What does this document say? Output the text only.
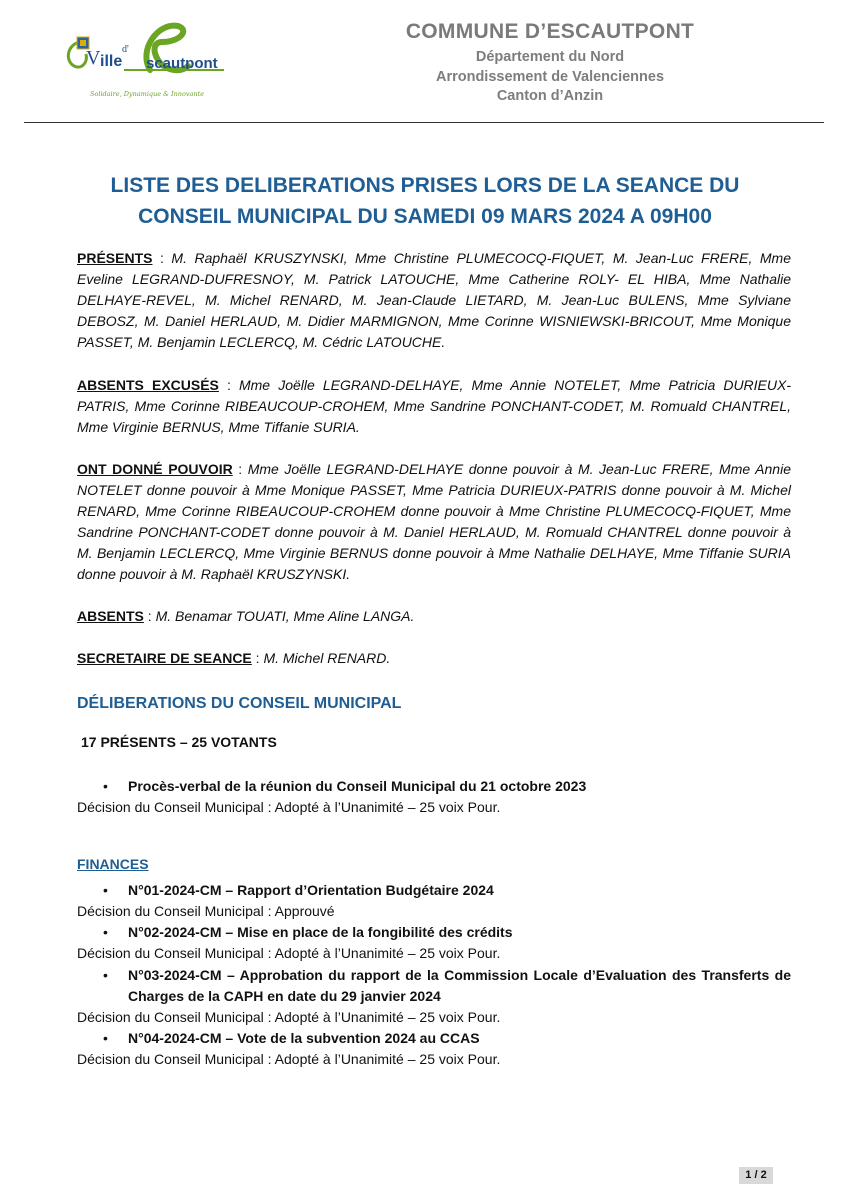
V ille
d'
scautpont
Solidaire, Dynamique & Innovante
COMMUNE D’ESCAUTPONT
Département du Nord
Arrondissement de Valenciennes
Canton d’Anzin
LISTE DES DELIBERATIONS PRISES LORS DE LA SEANCE DU
CONSEIL MUNICIPAL DU SAMEDI 09 MARS 2024 A 09H00
PRÉSENTS : M. Raphaël KRUSZYNSKI, Mme Christine PLUMECOCQ-FIQUET, M. Jean-Luc FRERE, Mme Eveline LEGRAND-DUFRESNOY, M. Patrick LATOUCHE, Mme Catherine ROLY- EL HIBA, Mme Nathalie DELHAYE-REVEL, M. Michel RENARD, M. Jean-Claude LIETARD, M. Jean-Luc BULENS, Mme Sylviane DEBOSZ, M. Daniel HERLAUD, M. Didier MARMIGNON, Mme Corinne WISNIEWSKI-BRICOUT, Mme Monique PASSET, M. Benjamin LECLERCQ, M. Cédric LATOUCHE.
ABSENTS EXCUSÉS : Mme Joëlle LEGRAND-DELHAYE, Mme Annie NOTELET, Mme Patricia DURIEUX-PATRIS, Mme Corinne RIBEAUCOUP-CROHEM, Mme Sandrine PONCHANT-CODET, M. Romuald CHANTREL, Mme Virginie BERNUS, Mme Tiffanie SURIA.
ONT DONNÉ POUVOIR : Mme Joëlle LEGRAND-DELHAYE donne pouvoir à M. Jean-Luc FRERE, Mme Annie NOTELET donne pouvoir à Mme Monique PASSET, Mme Patricia DURIEUX-PATRIS donne pouvoir à M. Michel RENARD, Mme Corinne RIBEAUCOUP-CROHEM donne pouvoir à Mme Christine PLUMECOCQ-FIQUET, Mme Sandrine PONCHANT-CODET donne pouvoir à M. Daniel HERLAUD, M. Romuald CHANTREL donne pouvoir à M. Benjamin LECLERCQ, Mme Virginie BERNUS donne pouvoir à Mme Nathalie DELHAYE, Mme Tiffanie SURIA donne pouvoir à M. Raphaël KRUSZYNSKI.
ABSENTS : M. Benamar TOUATI, Mme Aline LANGA.
SECRETAIRE DE SEANCE : M. Michel RENARD.
DÉLIBERATIONS DU CONSEIL MUNICIPAL
17 PRÉSENTS – 25 VOTANTS
• Procès-verbal de la réunion du Conseil Municipal du 21 octobre 2023
Décision du Conseil Municipal : Adopté à l’Unanimité – 25 voix Pour.
FINANCES
• N°01-2024-CM – Rapport d’Orientation Budgétaire 2024
Décision du Conseil Municipal : Approuvé
• N°02-2024-CM – Mise en place de la fongibilité des crédits
Décision du Conseil Municipal : Adopté à l’Unanimité – 25 voix Pour.
• N°03-2024-CM – Approbation du rapport de la Commission Locale d’Evaluation des Transferts de Charges de la CAPH en date du 29 janvier 2024
Décision du Conseil Municipal : Adopté à l’Unanimité – 25 voix Pour.
• N°04-2024-CM – Vote de la subvention 2024 au CCAS
Décision du Conseil Municipal : Adopté à l’Unanimité – 25 voix Pour.
1 / 2
